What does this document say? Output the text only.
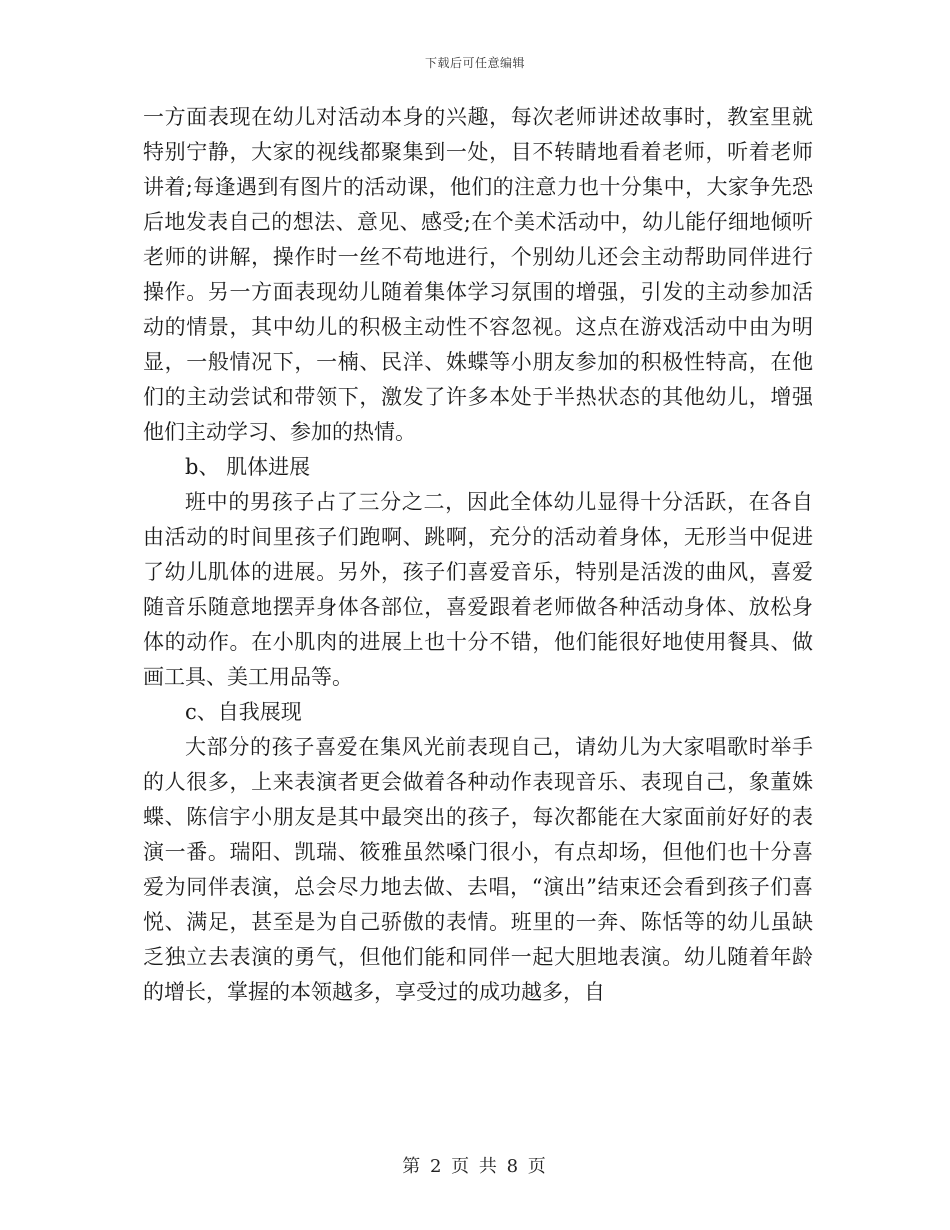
下载后可任意编辑

一方面表现在幼儿对活动本身的兴趣，每次老师讲述故事时，教室里就特别宁静，大家的视线都聚集到一处，目不转睛地看着老师，听着老师讲着;每逢遇到有图片的活动课，他们的注意力也十分集中，大家争先恐后地发表自己的想法、意见、感受;在个美术活动中，幼儿能仔细地倾听老师的讲解，操作时一丝不苟地进行，个别幼儿还会主动帮助同伴进行操作。另一方面表现幼儿随着集体学习氛围的增强，引发的主动参加活动的情景，其中幼儿的积极主动性不容忽视。这点在游戏活动中由为明显，一般情况下，一楠、民洋、姝蝶等小朋友参加的积极性特高，在他们的主动尝试和带领下，激发了许多本处于半热状态的其他幼儿，增强他们主动学习、参加的热情。

b、 肌体进展

班中的男孩子占了三分之二，因此全体幼儿显得十分活跃，在各自由活动的时间里孩子们跑啊、跳啊，充分的活动着身体，无形当中促进了幼儿肌体的进展。另外，孩子们喜爱音乐，特别是活泼的曲风，喜爱随音乐随意地摆弄身体各部位，喜爱跟着老师做各种活动身体、放松身体的动作。在小肌肉的进展上也十分不错，他们能很好地使用餐具、做画工具、美工用品等。

c、自我展现

大部分的孩子喜爱在集风光前表现自己，请幼儿为大家唱歌时举手的人很多，上来表演者更会做着各种动作表现音乐、表现自己，象董姝蝶、陈信宇小朋友是其中最突出的孩子，每次都能在大家面前好好的表演一番。瑞阳、凯瑞、筱雅虽然嗓门很小，有点却场，但他们也十分喜爱为同伴表演，总会尽力地去做、去唱，“演出”结束还会看到孩子们喜悦、满足，甚至是为自己骄傲的表情。班里的一奔、陈恬等的幼儿虽缺乏独立去表演的勇气，但他们能和同伴一起大胆地表演。幼儿随着年龄的增长，掌握的本领越多，享受过的成功越多，自

第 2 页 共 8 页
